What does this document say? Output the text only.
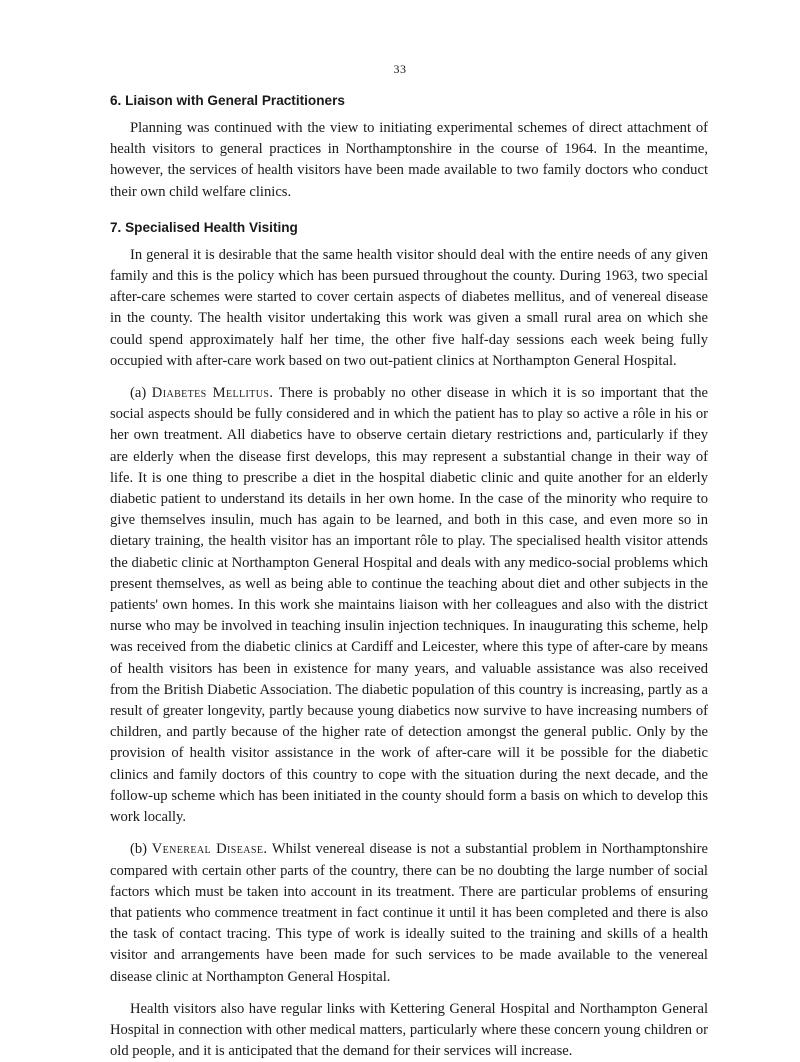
33
6. Liaison with General Practitioners

Planning was continued with the view to initiating experimental schemes of direct attachment of health visitors to general practices in Northamptonshire in the course of 1964. In the meantime, however, the services of health visitors have been made available to two family doctors who conduct their own child welfare clinics.

7. Specialised Health Visiting

In general it is desirable that the same health visitor should deal with the entire needs of any given family and this is the policy which has been pursued throughout the county. During 1963, two special after-care schemes were started to cover certain aspects of diabetes mellitus, and of venereal disease in the county. The health visitor undertaking this work was given a small rural area on which she could spend approximately half her time, the other five half-day sessions each week being fully occupied with after-care work based on two out-patient clinics at Northampton General Hospital.

(a) Diabetes Mellitus. There is probably no other disease in which it is so important that the social aspects should be fully considered and in which the patient has to play so active a rôle in his or her own treatment. All diabetics have to observe certain dietary restrictions and, particularly if they are elderly when the disease first develops, this may represent a substantial change in their way of life. It is one thing to prescribe a diet in the hospital diabetic clinic and quite another for an elderly diabetic patient to understand its details in her own home. In the case of the minority who require to give themselves insulin, much has again to be learned, and both in this case, and even more so in dietary training, the health visitor has an important rôle to play. The specialised health visitor attends the diabetic clinic at Northampton General Hospital and deals with any medico-social problems which present themselves, as well as being able to continue the teaching about diet and other subjects in the patients' own homes. In this work she maintains liaison with her colleagues and also with the district nurse who may be involved in teaching insulin injection techniques. In inaugurating this scheme, help was received from the diabetic clinics at Cardiff and Leicester, where this type of after-care by means of health visitors has been in existence for many years, and valuable assistance was also received from the British Diabetic Association. The diabetic population of this country is increasing, partly as a result of greater longevity, partly because young diabetics now survive to have increasing numbers of children, and partly because of the higher rate of detection amongst the general public. Only by the provision of health visitor assistance in the work of after-care will it be possible for the diabetic clinics and family doctors of this country to cope with the situation during the next decade, and the follow-up scheme which has been initiated in the county should form a basis on which to develop this work locally.

(b) Venereal Disease. Whilst venereal disease is not a substantial problem in Northamptonshire compared with certain other parts of the country, there can be no doubting the large number of social factors which must be taken into account in its treatment. There are particular problems of ensuring that patients who commence treatment in fact continue it until it has been completed and there is also the task of contact tracing. This type of work is ideally suited to the training and skills of a health visitor and arrangements have been made for such services to be made available to the venereal disease clinic at Northampton General Hospital.

Health visitors also have regular links with Kettering General Hospital and Northampton General Hospital in connection with other medical matters, particularly where these concern young children or old people, and it is anticipated that the demand for their services will increase.
